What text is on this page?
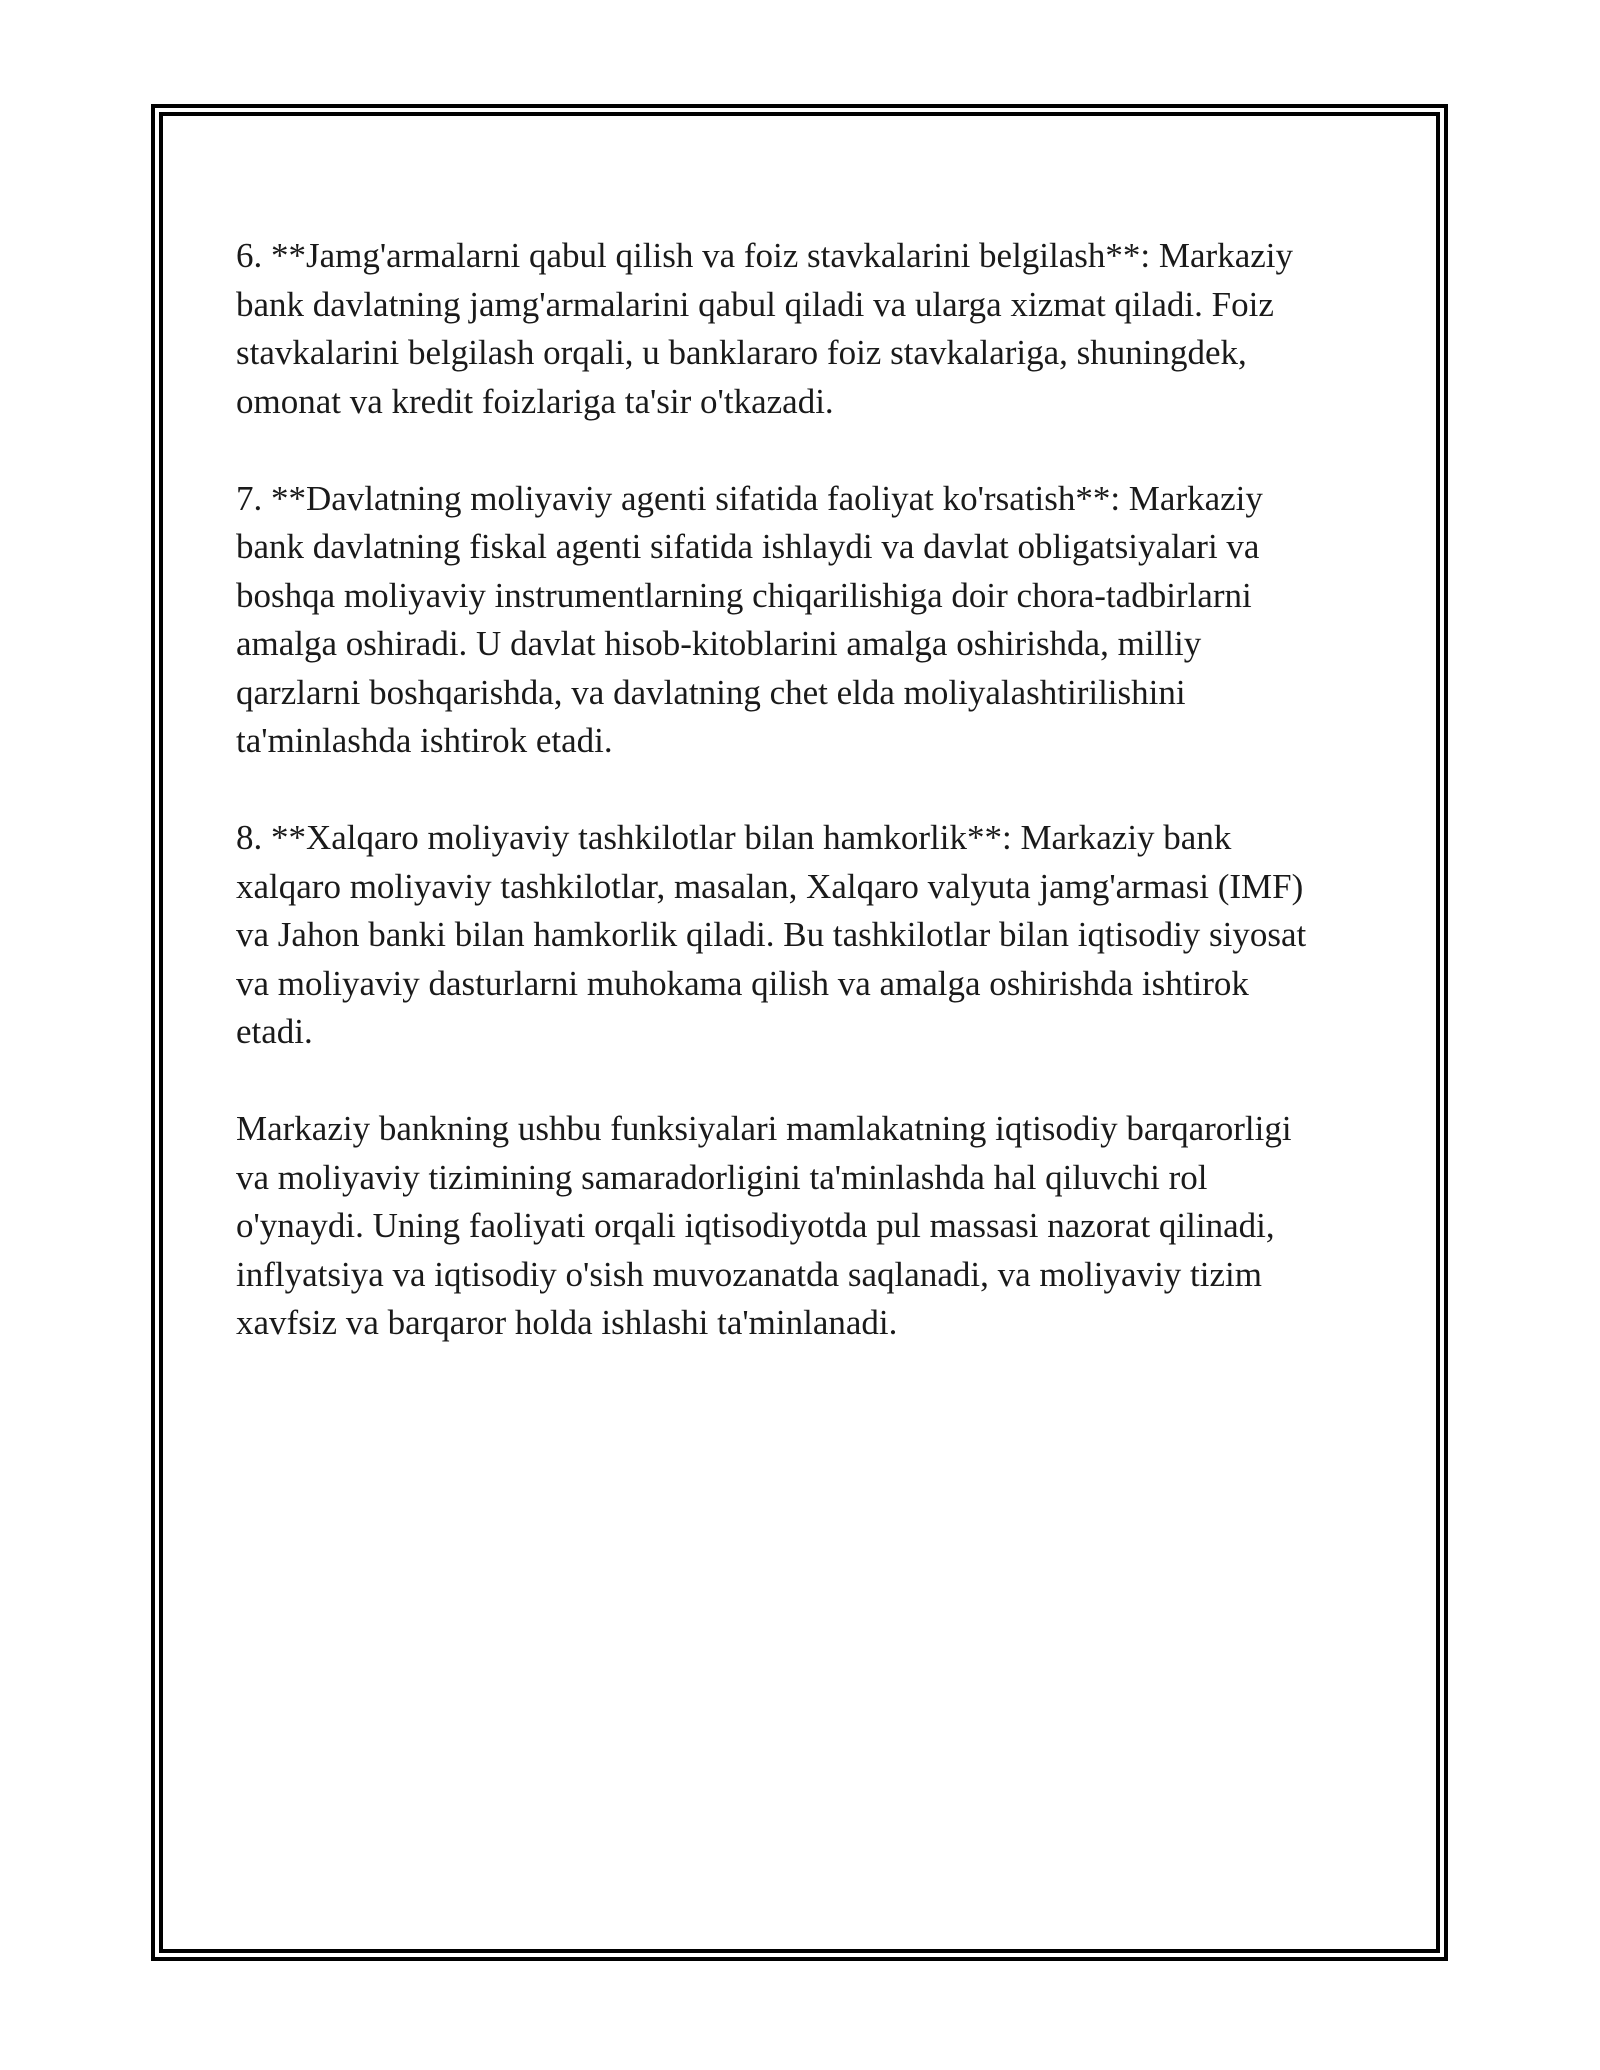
6. **Jamg'armalarni qabul qilish va foiz stavkalarini belgilash**: Markaziy
bank davlatning jamg'armalarini qabul qiladi va ularga xizmat qiladi. Foiz
stavkalarini belgilash orqali, u banklararo foiz stavkalariga, shuningdek,
omonat va kredit foizlariga ta'sir o'tkazadi.

7. **Davlatning moliyaviy agenti sifatida faoliyat ko'rsatish**: Markaziy
bank davlatning fiskal agenti sifatida ishlaydi va davlat obligatsiyalari va
boshqa moliyaviy instrumentlarning chiqarilishiga doir chora-tadbirlarni
amalga oshiradi. U davlat hisob-kitoblarini amalga oshirishda, milliy
qarzlarni boshqarishda, va davlatning chet elda moliyalashtirilishini
ta'minlashda ishtirok etadi.

8. **Xalqaro moliyaviy tashkilotlar bilan hamkorlik**: Markaziy bank
xalqaro moliyaviy tashkilotlar, masalan, Xalqaro valyuta jamg'armasi (IMF)
va Jahon banki bilan hamkorlik qiladi. Bu tashkilotlar bilan iqtisodiy siyosat
va moliyaviy dasturlarni muhokama qilish va amalga oshirishda ishtirok
etadi.

Markaziy bankning ushbu funksiyalari mamlakatning iqtisodiy barqarorligi
va moliyaviy tizimining samaradorligini ta'minlashda hal qiluvchi rol
o'ynaydi. Uning faoliyati orqali iqtisodiyotda pul massasi nazorat qilinadi,
inflyatsiya va iqtisodiy o'sish muvozanatda saqlanadi, va moliyaviy tizim
xavfsiz va barqaror holda ishlashi ta'minlanadi.
